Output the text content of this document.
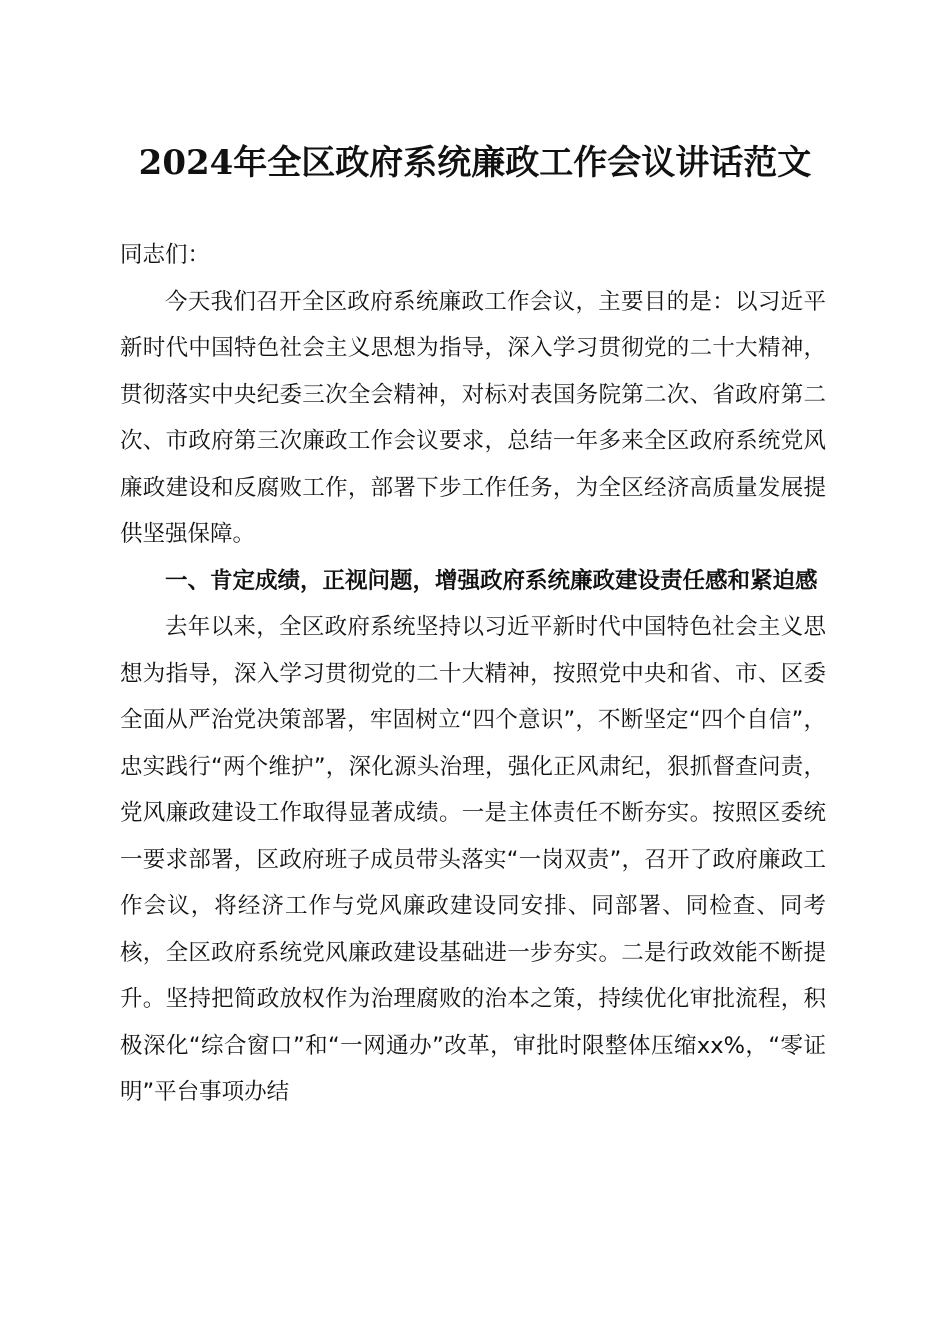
2024年全区政府系统廉政工作会议讲话范文

同志们：

今天我们召开全区政府系统廉政工作会议，主要目的是：以习近平新时代中国特色社会主义思想为指导，深入学习贯彻党的二十大精神，贯彻落实中央纪委三次全会精神，对标对表国务院第二次、省政府第二次、市政府第三次廉政工作会议要求，总结一年多来全区政府系统党风廉政建设和反腐败工作，部署下步工作任务，为全区经济高质量发展提供坚强保障。

一、肯定成绩，正视问题，增强政府系统廉政建设责任感和紧迫感

去年以来，全区政府系统坚持以习近平新时代中国特色社会主义思想为指导，深入学习贯彻党的二十大精神，按照党中央和省、市、区委全面从严治党决策部署，牢固树立“四个意识”，不断坚定“四个自信”，忠实践行“两个维护”，深化源头治理，强化正风肃纪，狠抓督查问责，党风廉政建设工作取得显著成绩。一是主体责任不断夯实。按照区委统一要求部署，区政府班子成员带头落实“一岗双责”，召开了政府廉政工作会议，将经济工作与党风廉政建设同安排、同部署、同检查、同考核，全区政府系统党风廉政建设基础进一步夯实。二是行政效能不断提升。坚持把简政放权作为治理腐败的治本之策，持续优化审批流程，积极深化“综合窗口”和“一网通办”改革，审批时限整体压缩xx%，“零证明”平台事项办结
